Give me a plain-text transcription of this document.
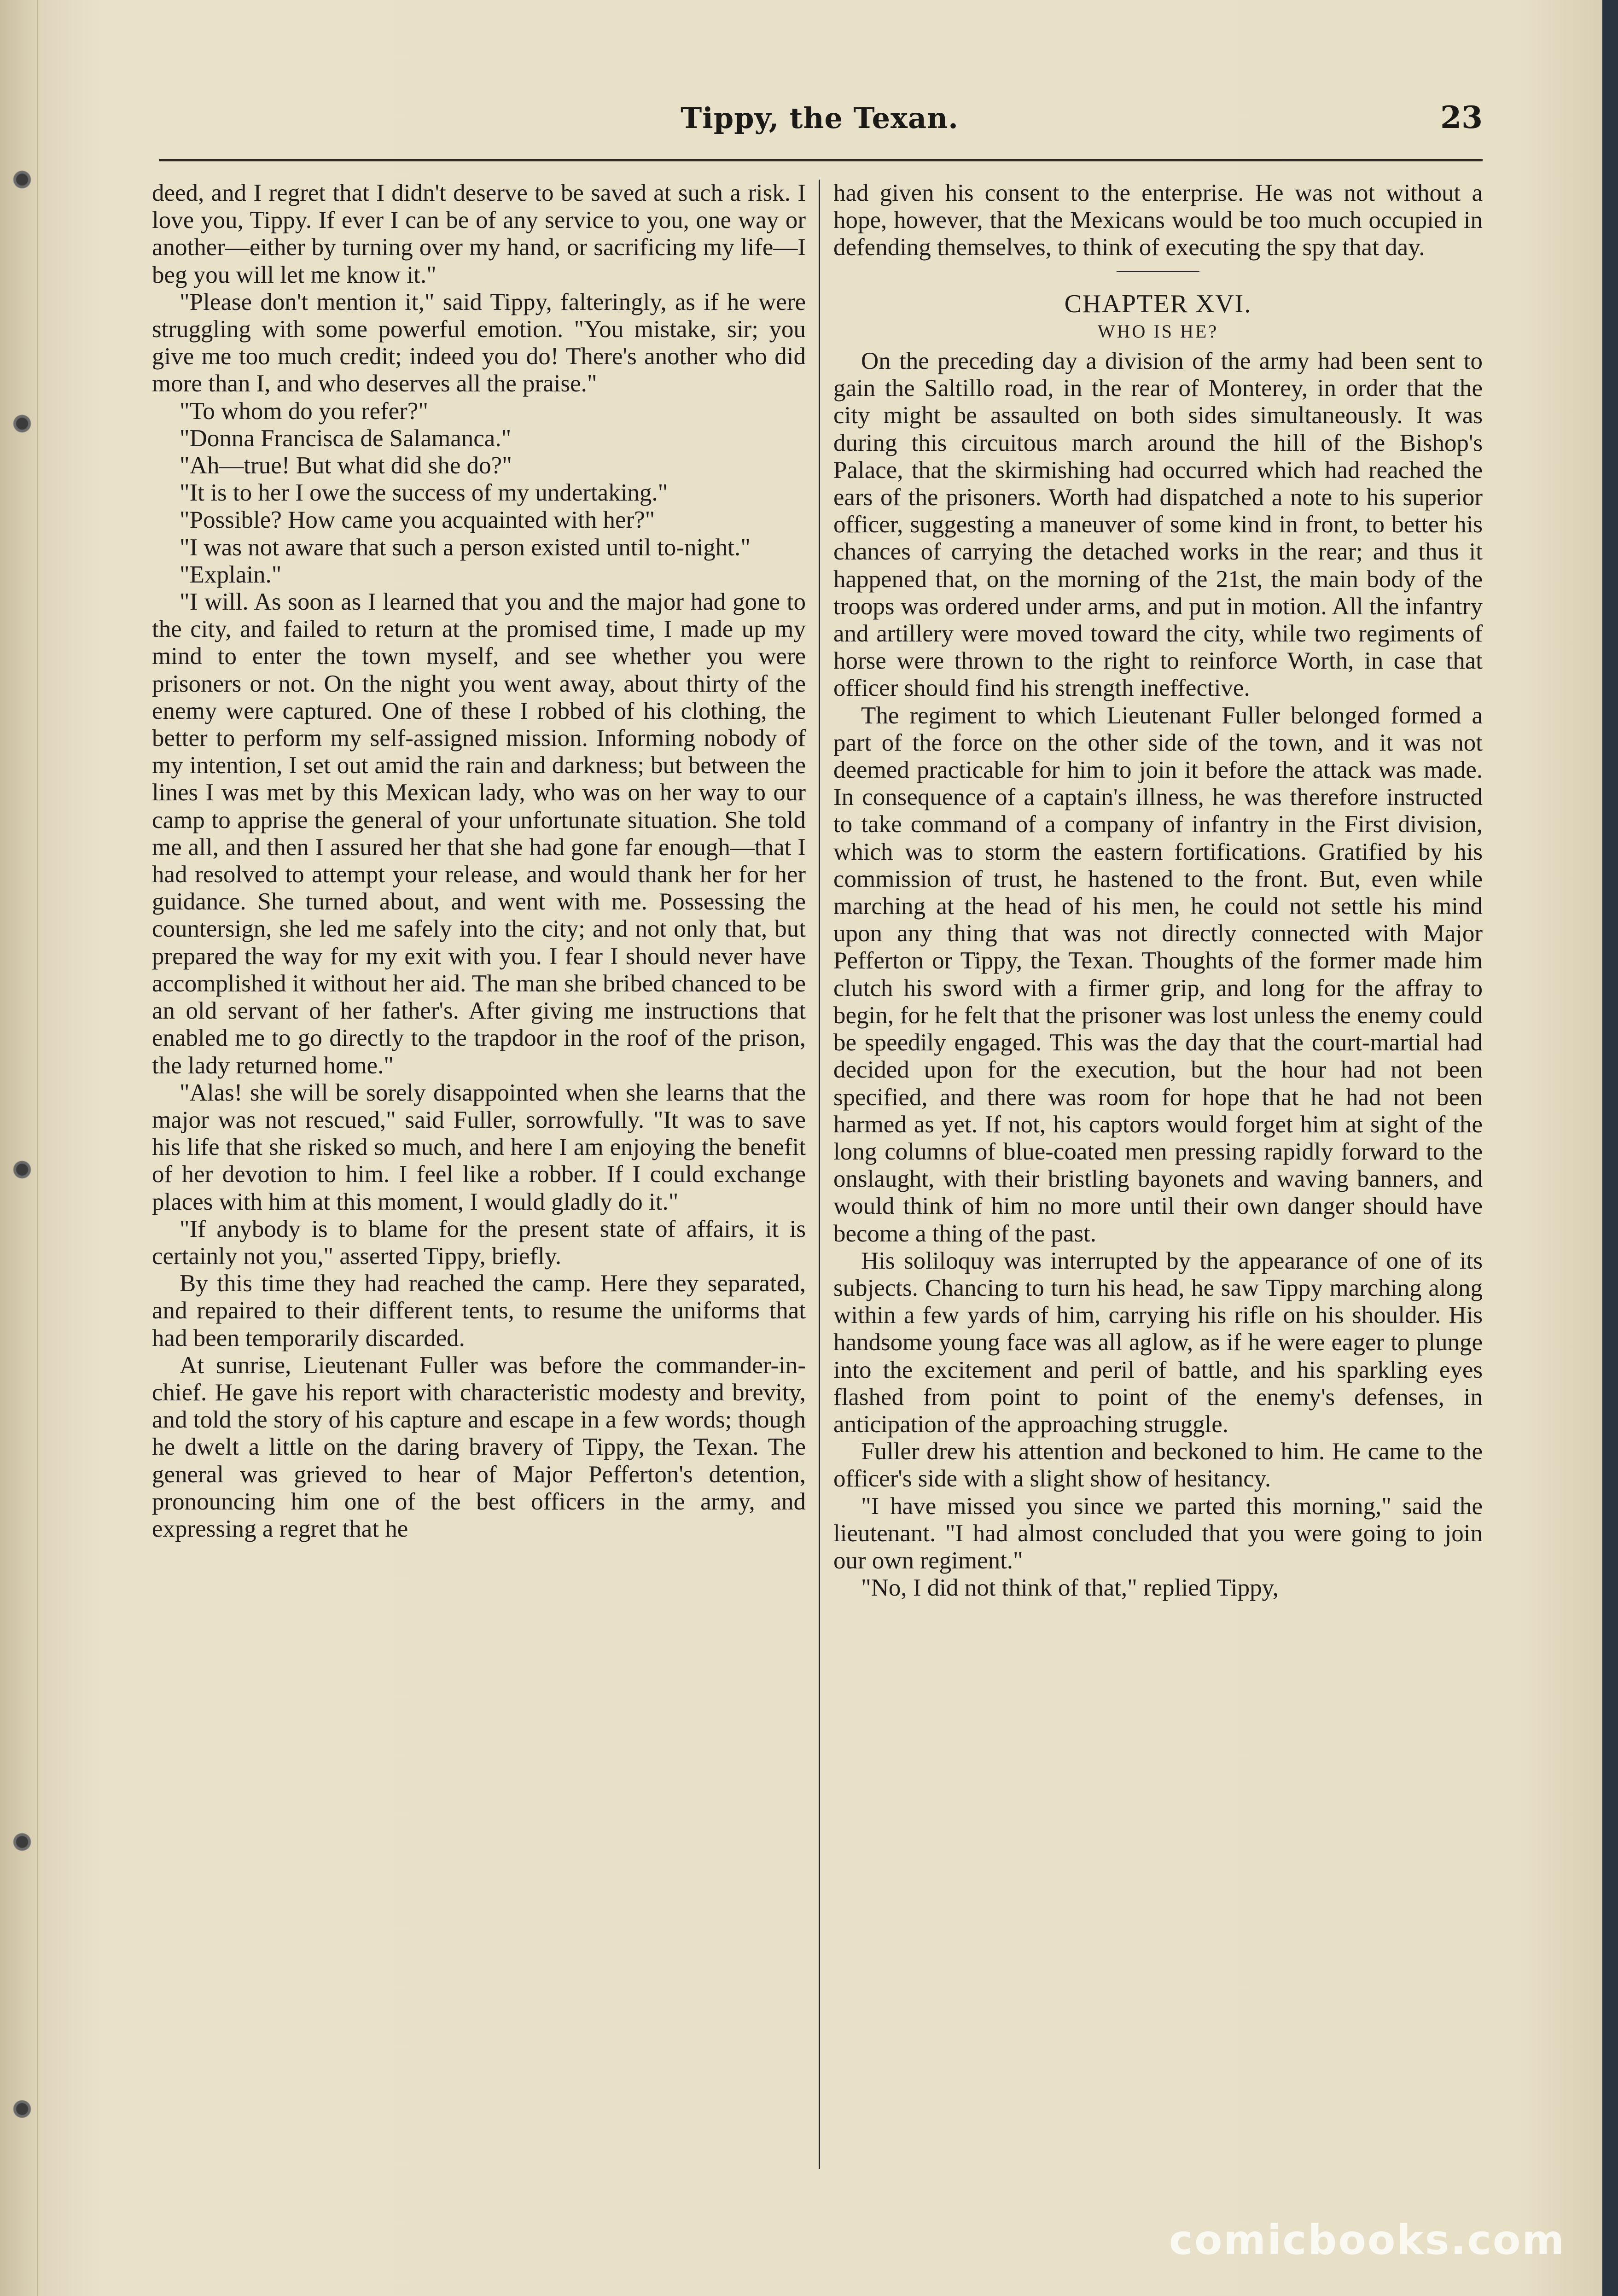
Tippy, the Texan.	23

deed, and I regret that I didn't deserve to be saved at such a risk. I love you, Tippy. If ever I can be of any service to you, one way or another—either by turning over my hand, or sacrificing my life—I beg you will let me know it."

"Please don't mention it," said Tippy, falteringly, as if he were struggling with some powerful emotion. "You mistake, sir; you give me too much credit; indeed you do! There's another who did more than I, and who deserves all the praise."

"To whom do you refer?"

"Donna Francisca de Salamanca."

"Ah—true! But what did she do?"

"It is to her I owe the success of my undertaking."

"Possible? How came you acquainted with her?"

"I was not aware that such a person existed until to-night."

"Explain."

"I will. As soon as I learned that you and the major had gone to the city, and failed to return at the promised time, I made up my mind to enter the town myself, and see whether you were prisoners or not. On the night you went away, about thirty of the enemy were captured. One of these I robbed of his clothing, the better to perform my self-assigned mission. Informing nobody of my intention, I set out amid the rain and darkness; but between the lines I was met by this Mexican lady, who was on her way to our camp to apprise the general of your unfortunate situation. She told me all, and then I assured her that she had gone far enough—that I had resolved to attempt your release, and would thank her for her guidance. She turned about, and went with me. Possessing the countersign, she led me safely into the city; and not only that, but prepared the way for my exit with you. I fear I should never have accomplished it without her aid. The man she bribed chanced to be an old servant of her father's. After giving me instructions that enabled me to go directly to the trapdoor in the roof of the prison, the lady returned home."

"Alas! she will be sorely disappointed when she learns that the major was not rescued," said Fuller, sorrowfully. "It was to save his life that she risked so much, and here I am enjoying the benefit of her devotion to him. I feel like a robber. If I could exchange places with him at this moment, I would gladly do it."

"If anybody is to blame for the present state of affairs, it is certainly not you," asserted Tippy, briefly.

By this time they had reached the camp. Here they separated, and repaired to their different tents, to resume the uniforms that had been temporarily discarded.

At sunrise, Lieutenant Fuller was before the commander-in-chief. He gave his report with characteristic modesty and brevity, and told the story of his capture and escape in a few words; though he dwelt a little on the daring bravery of Tippy, the Texan. The general was grieved to hear of Major Pefferton's detention, pronouncing him one of the best officers in the army, and expressing a regret that he

had given his consent to the enterprise. He was not without a hope, however, that the Mexicans would be too much occupied in defending themselves, to think of executing the spy that day.

CHAPTER XVI.

WHO IS HE?

On the preceding day a division of the army had been sent to gain the Saltillo road, in the rear of Monterey, in order that the city might be assaulted on both sides simultaneously. It was during this circuitous march around the hill of the Bishop's Palace, that the skirmishing had occurred which had reached the ears of the prisoners. Worth had dispatched a note to his superior officer, suggesting a maneuver of some kind in front, to better his chances of carrying the detached works in the rear; and thus it happened that, on the morning of the 21st, the main body of the troops was ordered under arms, and put in motion. All the infantry and artillery were moved toward the city, while two regiments of horse were thrown to the right to reinforce Worth, in case that officer should find his strength ineffective.

The regiment to which Lieutenant Fuller belonged formed a part of the force on the other side of the town, and it was not deemed practicable for him to join it before the attack was made. In consequence of a captain's illness, he was therefore instructed to take command of a company of infantry in the First division, which was to storm the eastern fortifications. Gratified by his commission of trust, he hastened to the front. But, even while marching at the head of his men, he could not settle his mind upon any thing that was not directly connected with Major Pefferton or Tippy, the Texan. Thoughts of the former made him clutch his sword with a firmer grip, and long for the affray to begin, for he felt that the prisoner was lost unless the enemy could be speedily engaged. This was the day that the court-martial had decided upon for the execution, but the hour had not been specified, and there was room for hope that he had not been harmed as yet. If not, his captors would forget him at sight of the long columns of blue-coated men pressing rapidly forward to the onslaught, with their bristling bayonets and waving banners, and would think of him no more until their own danger should have become a thing of the past.

His soliloquy was interrupted by the appearance of one of its subjects. Chancing to turn his head, he saw Tippy marching along within a few yards of him, carrying his rifle on his shoulder. His handsome young face was all aglow, as if he were eager to plunge into the excitement and peril of battle, and his sparkling eyes flashed from point to point of the enemy's defenses, in anticipation of the approaching struggle.

Fuller drew his attention and beckoned to him. He came to the officer's side with a slight show of hesitancy.

"I have missed you since we parted this morning," said the lieutenant. "I had almost concluded that you were going to join our own regiment."

"No, I did not think of that," replied Tippy,

comicbooks.com
